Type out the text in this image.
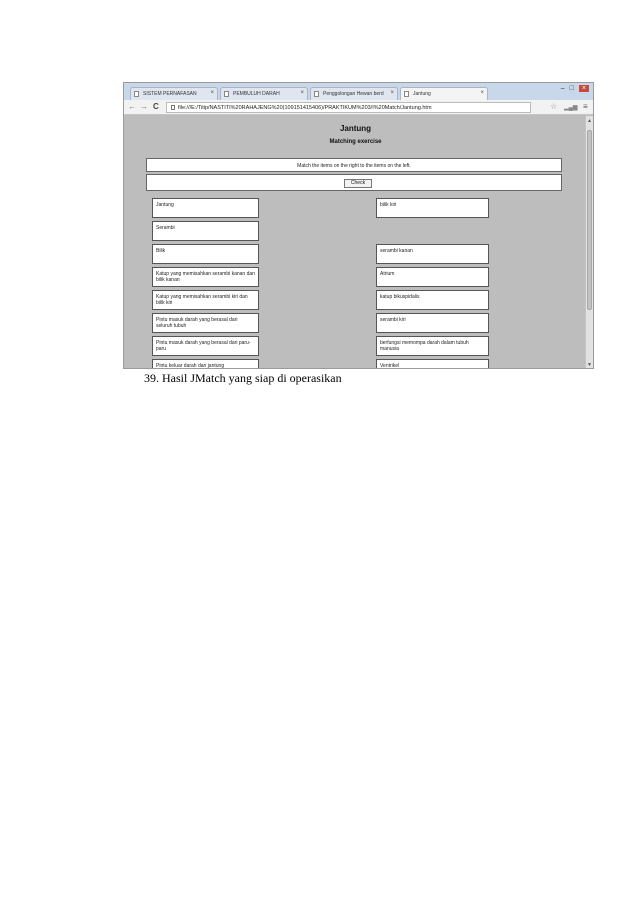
SISTEM PERNAFASAN ×	PEMBULUH DARAH	×	Penggolongan Hewan berd ×	Jantung	×
–□ ×
← → C	file:///E:/Titip/NASTITI%20RAHAJENG%20(109151415406)/PRAKTIKUM%203/I%20Match/Jantung.htm	☆ ▂▄▆ ≡
Jantung
Matching exercise
Match the items on the right to the items on the left.
Check
Jantung
Serambi
Bilik
Katup yang memisahkan serambi kanan dan bilik kanan
Katup yang memisahkan serambi kiri dan bilik kiri
Pintu masuk darah yang berasal dari seluruh tubuh
Pintu masuk darah yang berasal dari paru-paru
Pintu keluar darah dari jantung
bilik kiri
serambi kanan
Atrium
katup bikuspidalis
serambi kiri
berfungsi memompa darah dalam tubuh manusia
Ventrikel
▲
▼
39. Hasil JMatch yang siap di operasikan
